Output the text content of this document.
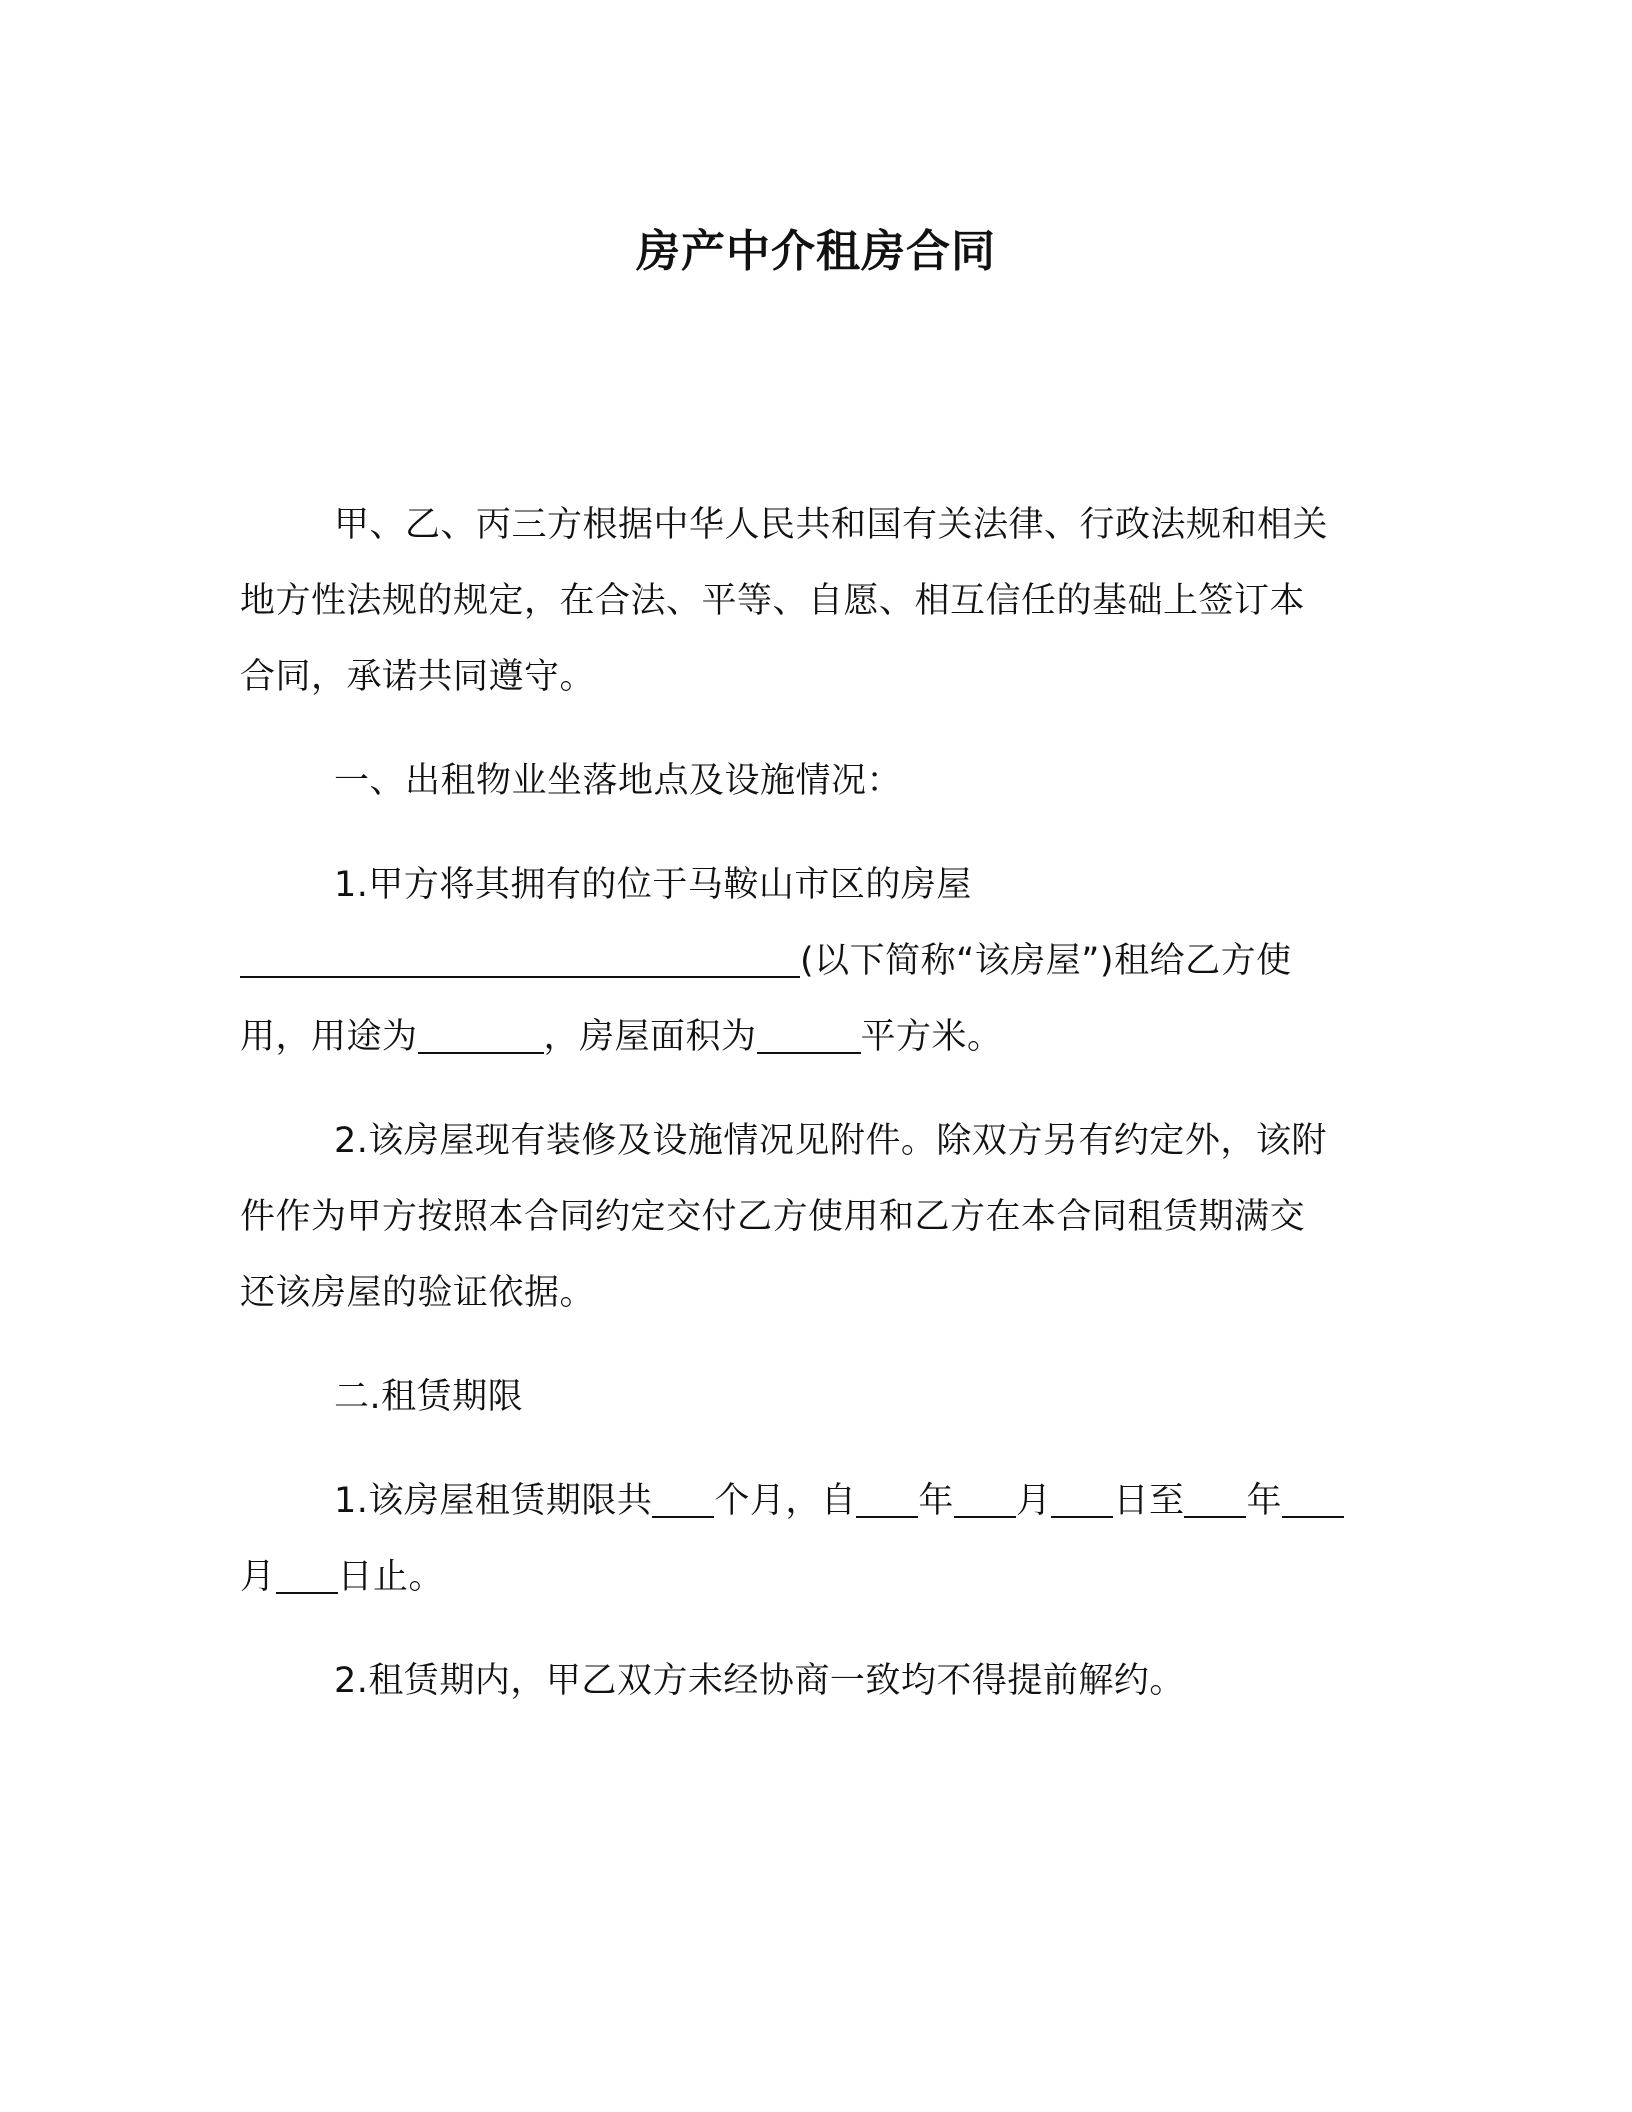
房产中介租房合同
甲、乙、丙三方根据中华人民共和国有关法律、行政法规和相关
地方性法规的规定，在合法、平等、自愿、相互信任的基础上签订本
合同，承诺共同遵守。
一、出租物业坐落地点及设施情况：
1.甲方将其拥有的位于马鞍山市区的房屋
(以下简称“该房屋”)租给乙方使
用，用途为	，房屋面积为	平方米。
2.该房屋现有装修及设施情况见附件。除双方另有约定外，该附
件作为甲方按照本合同约定交付乙方使用和乙方在本合同租赁期满交
还该房屋的验证依据。
二.租赁期限
1.该房屋租赁期限共 个月，自 年 月 日至 年
月 日止。
2.租赁期内，甲乙双方未经协商一致均不得提前解约。
